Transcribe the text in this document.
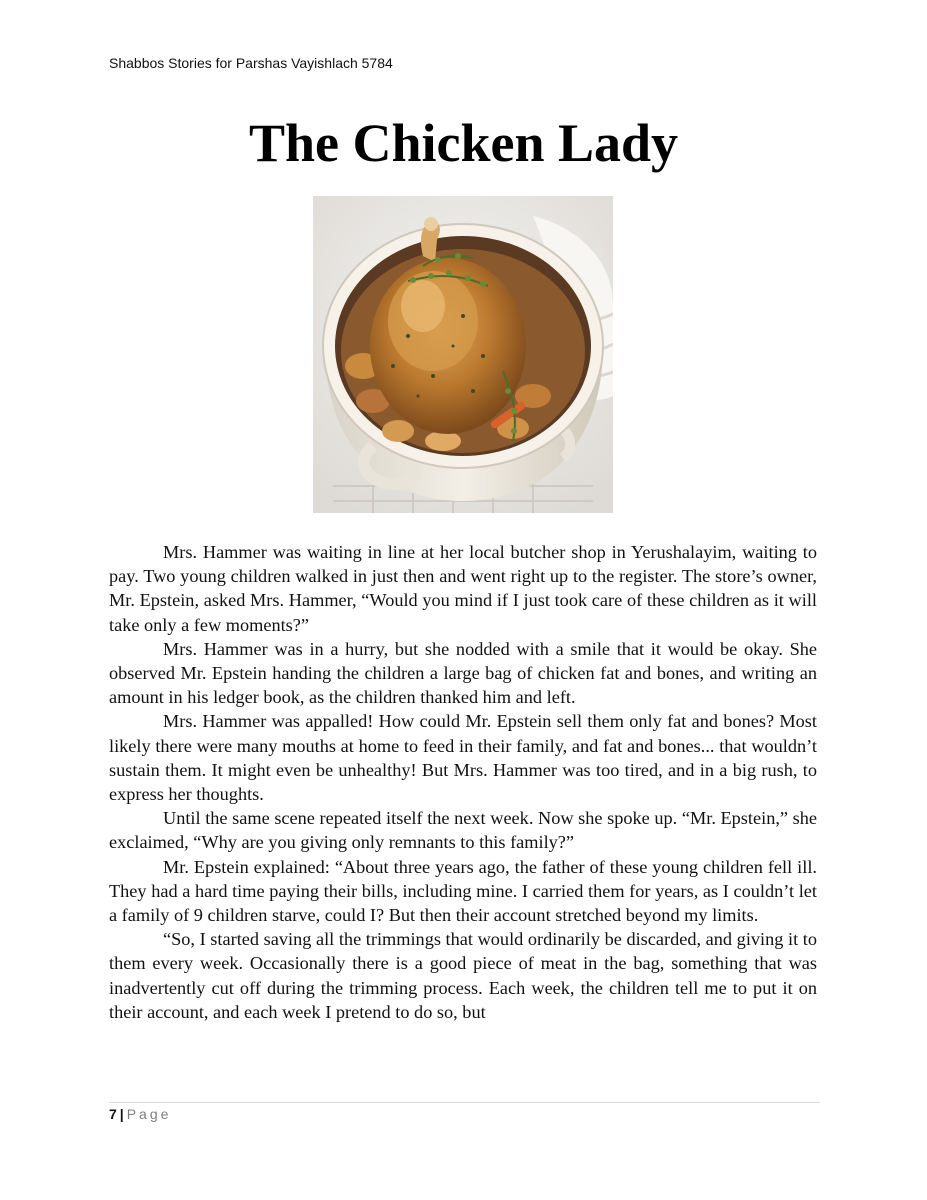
Shabbos Stories for Parshas Vayishlach 5784
The Chicken Lady

Mrs. Hammer was waiting in line at her local butcher shop in Yerushalayim, waiting to pay. Two young children walked in just then and went right up to the register. The store’s owner, Mr. Epstein, asked Mrs. Hammer, “Would you mind if I just took care of these children as it will take only a few moments?”

Mrs. Hammer was in a hurry, but she nodded with a smile that it would be okay. She observed Mr. Epstein handing the children a large bag of chicken fat and bones, and writing an amount in his ledger book, as the children thanked him and left.

Mrs. Hammer was appalled! How could Mr. Epstein sell them only fat and bones? Most likely there were many mouths at home to feed in their family, and fat and bones... that wouldn’t sustain them. It might even be unhealthy! But Mrs. Hammer was too tired, and in a big rush, to express her thoughts.

Until the same scene repeated itself the next week. Now she spoke up. “Mr. Epstein,” she exclaimed, “Why are you giving only remnants to this family?”

Mr. Epstein explained: “About three years ago, the father of these young children fell ill. They had a hard time paying their bills, including mine. I carried them for years, as I couldn’t let a family of 9 children starve, could I? But then their account stretched beyond my limits.

“So, I started saving all the trimmings that would ordinarily be discarded, and giving it to them every week. Occasionally there is a good piece of meat in the bag, something that was inadvertently cut off during the trimming process. Each week, the children tell me to put it on their account, and each week I pretend to do so, but

7 | Page
